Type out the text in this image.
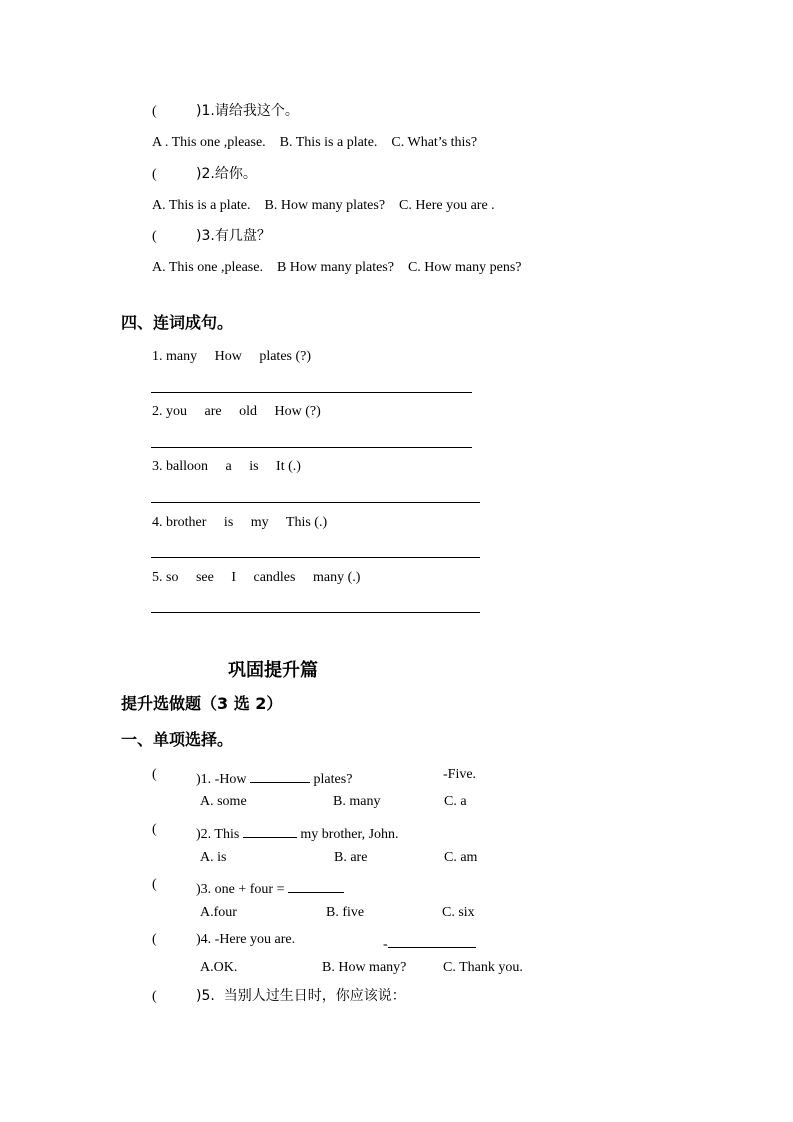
(	)1.请给我这个。
A . This one ,please.    B. This is a plate.    C. What’s this?
(	)2.给你。
A. This is a plate.    B. How many plates?    C. Here you are .
(	)3.有几盘？
A. This one ,please.    B How many plates?    C. How many pens?
四、连词成句。
1. many     How     plates (?)
2. you     are     old     How (?)
3. balloon     a     is     It (.)
4. brother     is     my     This (.)
5. so     see     I     candles     many (.)
巩固提升篇
提升选做题（3 选 2）
一、单项选择。
(	)1. -How	plates?	-Five.
A. some	B. many	C. a
(	)2. This	my brother, John.
A. is	B. are	C. am
(	)3. one + four =
A.four	B. five	C. six
(	)4. -Here you are.	-
A.OK.	B. How many?	C. Thank you.
(	)5.  当别人过生日时，你应该说：
